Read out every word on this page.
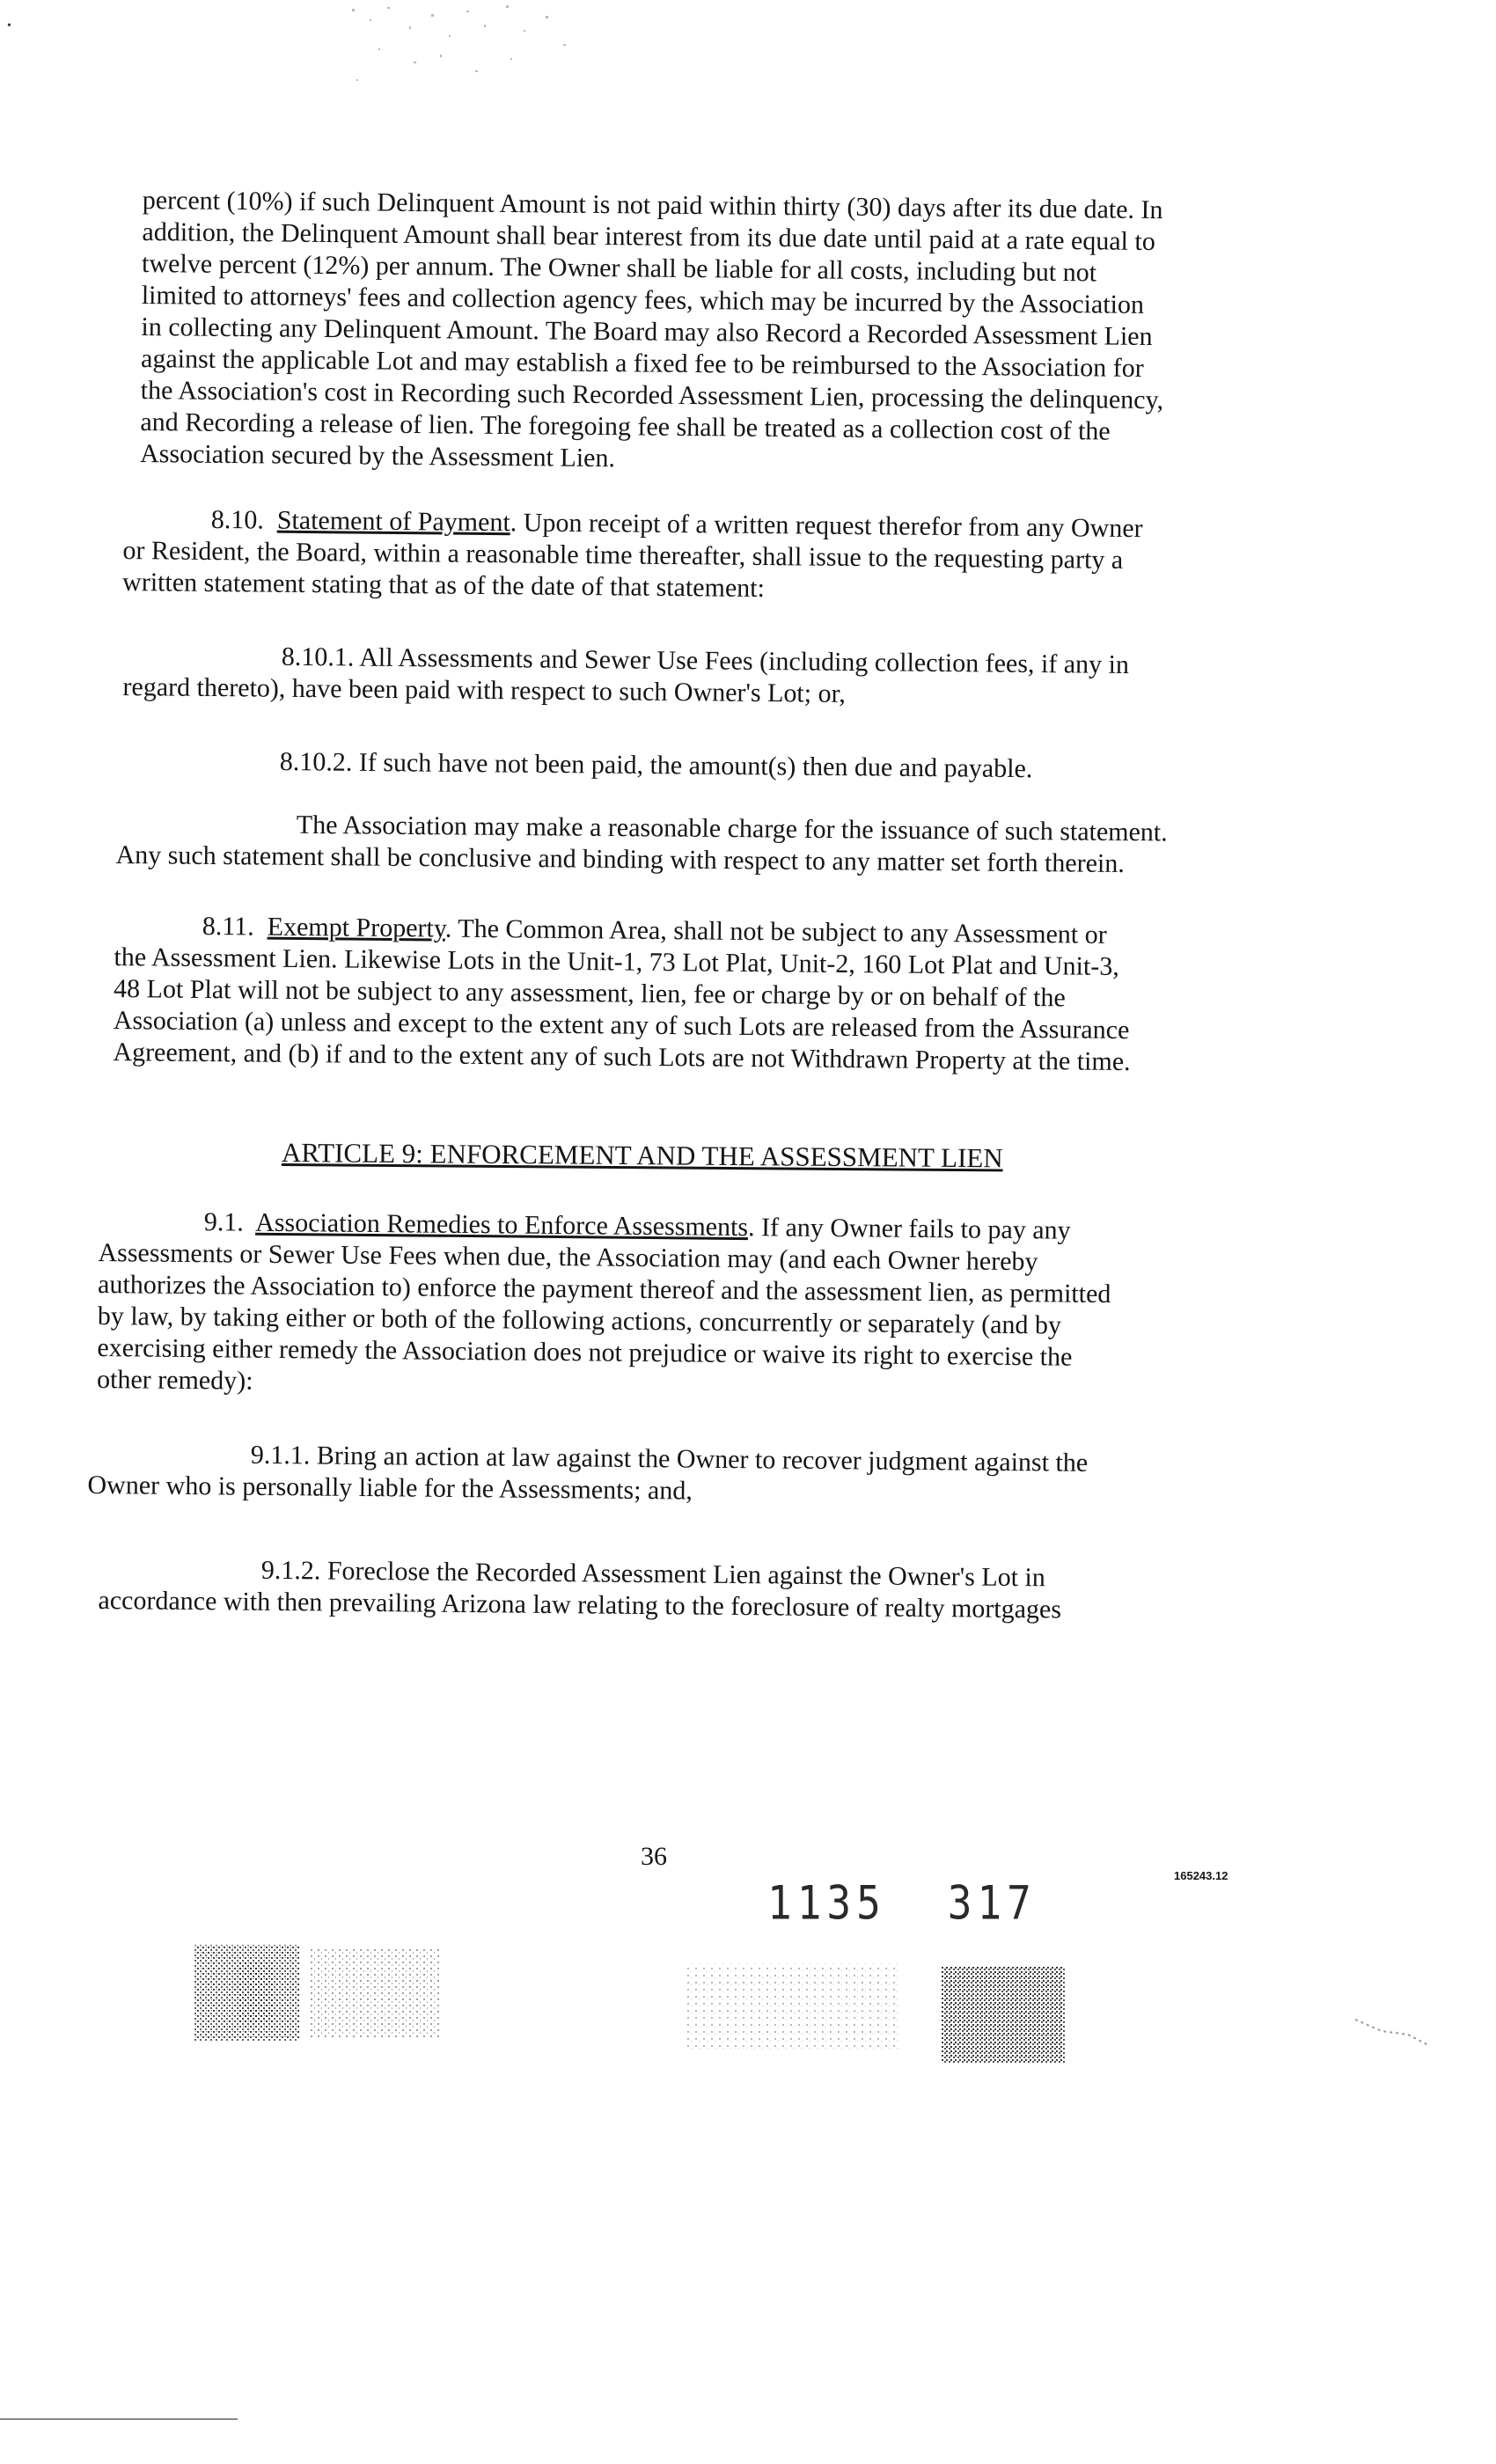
•
percent (10%) if such Delinquent Amount is not paid within thirty (30) days after its due date. In
addition, the Delinquent Amount shall bear interest from its due date until paid at a rate equal to
twelve percent (12%) per annum. The Owner shall be liable for all costs, including but not
limited to attorneys' fees and collection agency fees, which may be incurred by the Association
in collecting any Delinquent Amount. The Board may also Record a Recorded Assessment Lien
against the applicable Lot and may establish a fixed fee to be reimbursed to the Association for
the Association's cost in Recording such Recorded Assessment Lien, processing the delinquency,
and Recording a release of lien. The foregoing fee shall be treated as a collection cost of the
Association secured by the Assessment Lien.
8.10. Statement of Payment. Upon receipt of a written request therefor from any Owner
or Resident, the Board, within a reasonable time thereafter, shall issue to the requesting party a
written statement stating that as of the date of that statement:
8.10.1. All Assessments and Sewer Use Fees (including collection fees, if any in
regard thereto), have been paid with respect to such Owner's Lot; or,
8.10.2. If such have not been paid, the amount(s) then due and payable.
The Association may make a reasonable charge for the issuance of such statement.
Any such statement shall be conclusive and binding with respect to any matter set forth therein.
8.11. Exempt Property. The Common Area, shall not be subject to any Assessment or
the Assessment Lien. Likewise Lots in the Unit-1, 73 Lot Plat, Unit-2, 160 Lot Plat and Unit-3,
48 Lot Plat will not be subject to any assessment, lien, fee or charge by or on behalf of the
Association (a) unless and except to the extent any of such Lots are released from the Assurance
Agreement, and (b) if and to the extent any of such Lots are not Withdrawn Property at the time.
ARTICLE 9: ENFORCEMENT AND THE ASSESSMENT LIEN
9.1. Association Remedies to Enforce Assessments. If any Owner fails to pay any
Assessments or Sewer Use Fees when due, the Association may (and each Owner hereby
authorizes the Association to) enforce the payment thereof and the assessment lien, as permitted
by law, by taking either or both of the following actions, concurrently or separately (and by
exercising either remedy the Association does not prejudice or waive its right to exercise the
other remedy):
9.1.1. Bring an action at law against the Owner to recover judgment against the
Owner who is personally liable for the Assessments; and,
9.1.2. Foreclose the Recorded Assessment Lien against the Owner's Lot in
accordance with then prevailing Arizona law relating to the foreclosure of realty mortgages
36
165243.12
1135 317
